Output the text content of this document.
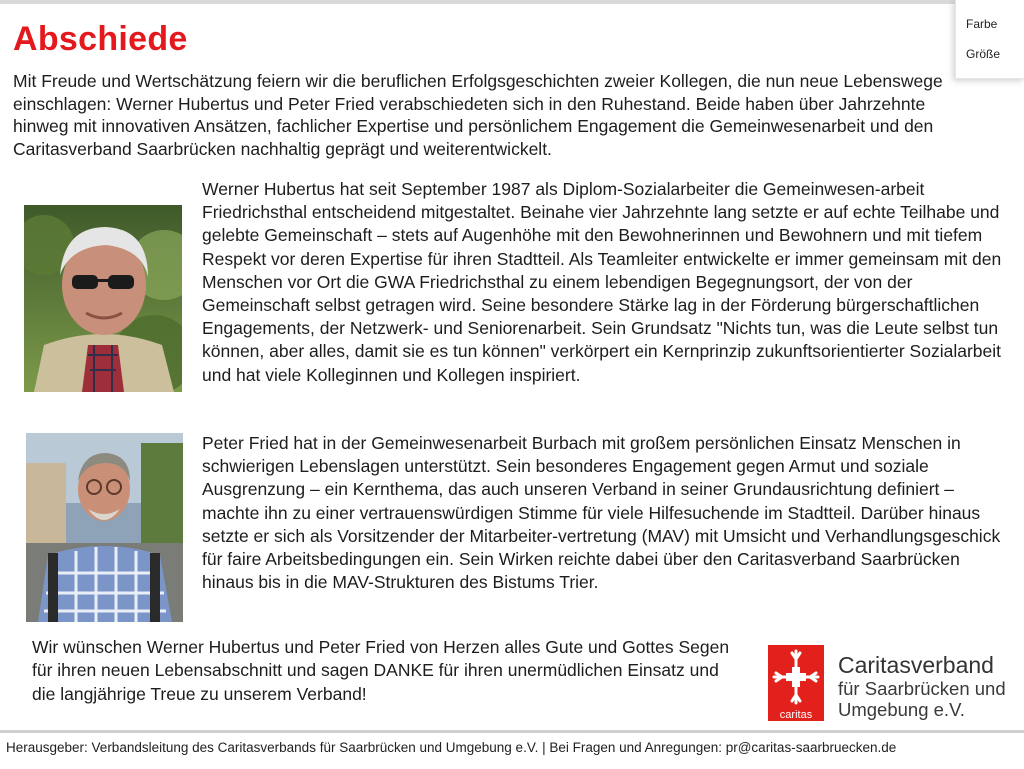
Abschiede	Farbe
Größe

Mit Freude und Wertschätzung feiern wir die beruflichen Erfolgsgeschichten zweier Kollegen, die nun neue Lebenswege einschlagen: Werner Hubertus und Peter Fried verabschiedeten sich in den Ruhestand. Beide haben über Jahrzehnte hinweg mit innovativen Ansätzen, fachlicher Expertise und persönlichem Engagement die Gemeinwesenarbeit und den Caritasverband Saarbrücken nachhaltig geprägt und weiterentwickelt.

Werner Hubertus hat seit September 1987 als Diplom-Sozialarbeiter die Gemeinwesen-arbeit Friedrichsthal entscheidend mitgestaltet. Beinahe vier Jahrzehnte lang setzte er auf echte Teilhabe und gelebte Gemeinschaft – stets auf Augenhöhe mit den Bewohnerinnen und Bewohnern und mit tiefem Respekt vor deren Expertise für ihren Stadtteil. Als Teamleiter entwickelte er immer gemeinsam mit den Menschen vor Ort die GWA Friedrichsthal zu einem lebendigen Begegnungsort, der von der Gemeinschaft selbst getragen wird. Seine besondere Stärke lag in der Förderung bürgerschaftlichen Engagements, der Netzwerk- und Seniorenarbeit. Sein Grundsatz "Nichts tun, was die Leute selbst tun können, aber alles, damit sie es tun können" verkörpert ein Kernprinzip zukunftsorientierter Sozialarbeit und hat viele Kolleginnen und Kollegen inspiriert.

Peter Fried hat in der Gemeinwesenarbeit Burbach mit großem persönlichen Einsatz Menschen in schwierigen Lebenslagen unterstützt. Sein besonderes Engagement gegen Armut und soziale Ausgrenzung – ein Kernthema, das auch unseren Verband in seiner Grundausrichtung definiert – machte ihn zu einer vertrauenswürdigen Stimme für viele Hilfesuchende im Stadtteil. Darüber hinaus setzte er sich als Vorsitzender der Mitarbeiter-vertretung (MAV) mit Umsicht und Verhandlungsgeschick für faire Arbeitsbedingungen ein. Sein Wirken reichte dabei über den Caritasverband Saarbrücken hinaus bis in die MAV-Strukturen des Bistums Trier.

Wir wünschen Werner Hubertus und Peter Fried von Herzen alles Gute und Gottes Segen für ihren neuen Lebensabschnitt und sagen DANKE für ihren unermüdlichen Einsatz und die langjährige Treue zu unserem Verband!

caritas
Caritasverband
für Saarbrücken und
Umgebung e.V.

Herausgeber: Verbandsleitung des Caritasverbands für Saarbrücken und Umgebung e.V. | Bei Fragen und Anregungen: pr@caritas-saarbruecken.de
